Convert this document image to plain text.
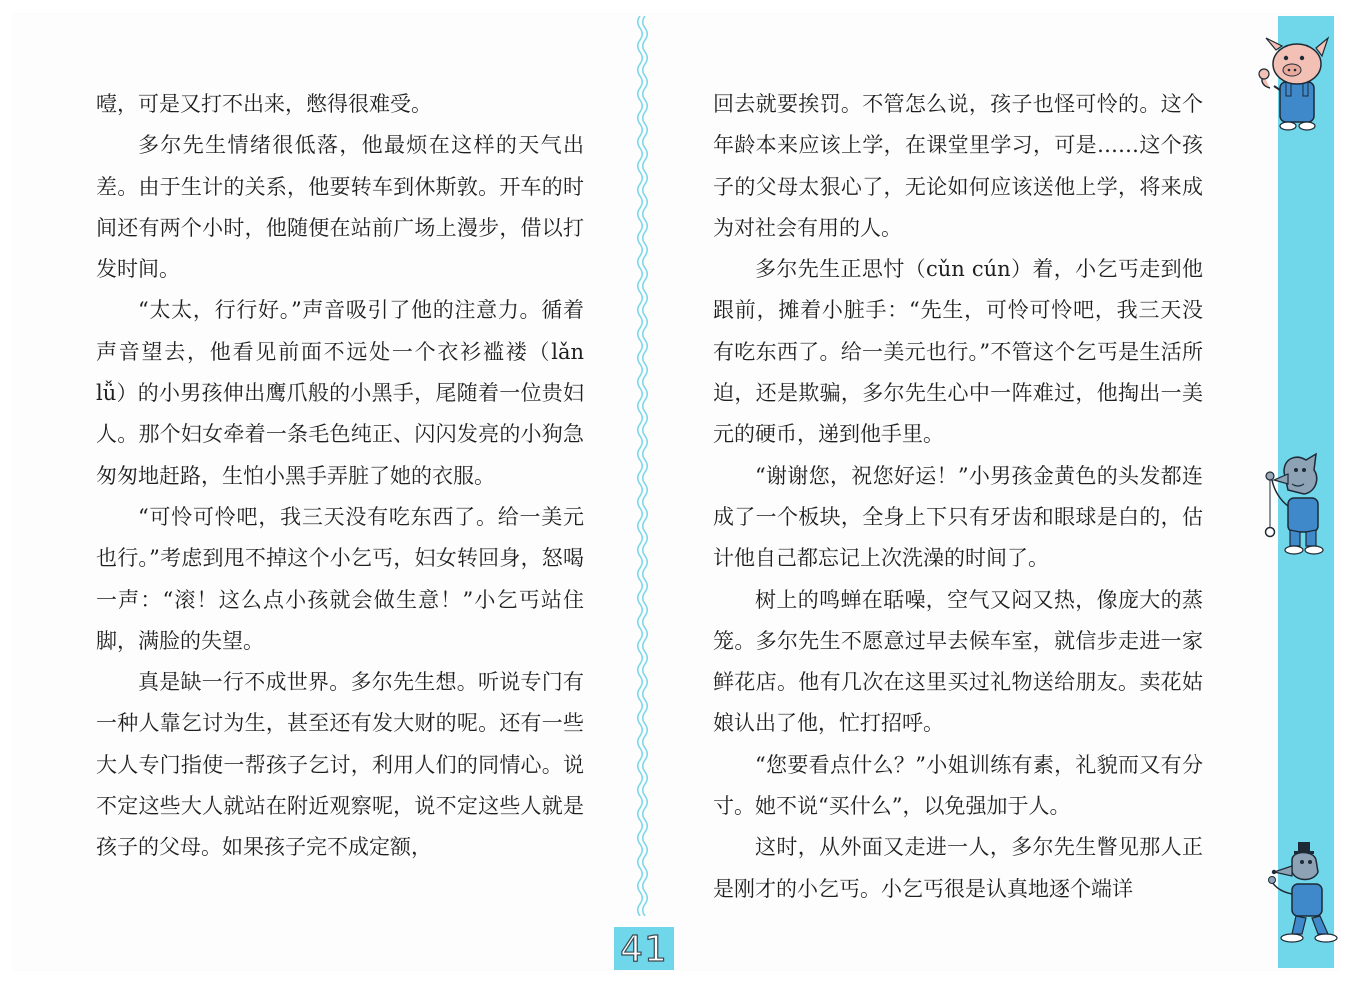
噎，可是又打不出来，憋得很难受。

多尔先生情绪很低落，他最烦在这样的天气出差。由于生计的关系，他要转车到休斯敦。开车的时间还有两个小时，他随便在站前广场上漫步，借以打发时间。

“太太，行行好。”声音吸引了他的注意力。循着声音望去，他看见前面不远处一个衣衫褴褛（lǎn lǚ）的小男孩伸出鹰爪般的小黑手，尾随着一位贵妇人。那个妇女牵着一条毛色纯正、闪闪发亮的小狗急匆匆地赶路，生怕小黑手弄脏了她的衣服。

“可怜可怜吧，我三天没有吃东西了。给一美元也行。”考虑到甩不掉这个小乞丐，妇女转回身，怒喝一声：“滚！这么点小孩就会做生意！”小乞丐站住脚，满脸的失望。

真是缺一行不成世界。多尔先生想。听说专门有一种人靠乞讨为生，甚至还有发大财的呢。还有一些大人专门指使一帮孩子乞讨，利用人们的同情心。说不定这些大人就站在附近观察呢，说不定这些人就是孩子的父母。如果孩子完不成定额，

回去就要挨罚。不管怎么说，孩子也怪可怜的。这个年龄本来应该上学，在课堂里学习，可是……这个孩子的父母太狠心了，无论如何应该送他上学，将来成为对社会有用的人。

多尔先生正思忖（cǔn cún）着，小乞丐走到他跟前，摊着小脏手：“先生，可怜可怜吧，我三天没有吃东西了。给一美元也行。”不管这个乞丐是生活所迫，还是欺骗，多尔先生心中一阵难过，他掏出一美元的硬币，递到他手里。

“谢谢您，祝您好运！”小男孩金黄色的头发都连成了一个板块，全身上下只有牙齿和眼球是白的，估计他自己都忘记上次洗澡的时间了。

树上的鸣蝉在聒噪，空气又闷又热，像庞大的蒸笼。多尔先生不愿意过早去候车室，就信步走进一家鲜花店。他有几次在这里买过礼物送给朋友。卖花姑娘认出了他，忙打招呼。

“您要看点什么？”小姐训练有素，礼貌而又有分寸。她不说“买什么”，以免强加于人。

这时，从外面又走进一人，多尔先生瞥见那人正是刚才的小乞丐。小乞丐很是认真地逐个端详

41
